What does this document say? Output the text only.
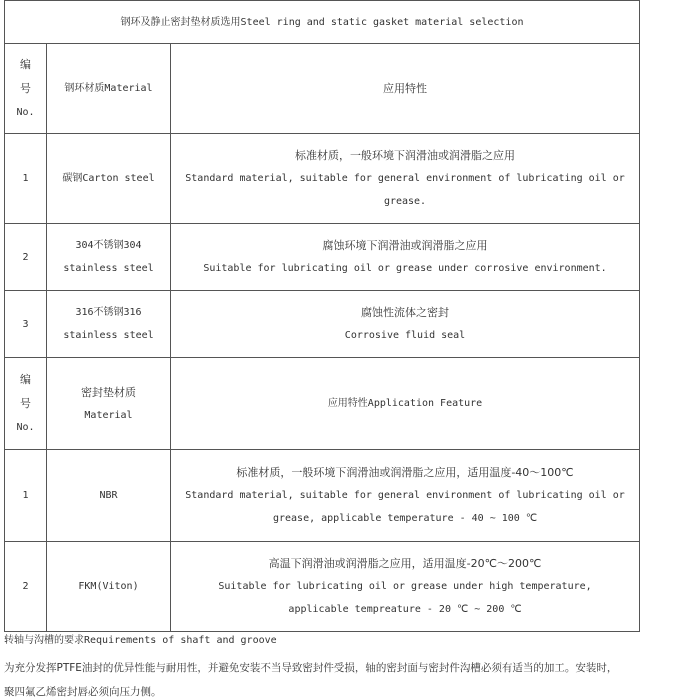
钢环及静止密封垫材质选用Steel ring and static gasket material selection		

编
号
No.	钢环材质Material	应用特性

1	碳钢Carton steel	标准材质，一般环境下润滑油或润滑脂之应用
Standard material, suitable for general environment of lubricating oil or
grease.

2	304不锈钢304
stainless steel	腐蚀环境下润滑油或润滑脂之应用
Suitable for lubricating oil or grease under corrosive environment.

3	316不锈钢316
stainless steel	腐蚀性流体之密封
Corrosive fluid seal

编
号
No.	密封垫材质
Material	应用特性Application Feature

1	NBR	标准材质，一般环境下润滑油或润滑脂之应用，适用温度-40～100℃
Standard material, suitable for general environment of lubricating oil or
grease, applicable temperature - 40 ~ 100 ℃

2	FKM(Viton)	高温下润滑油或润滑脂之应用，适用温度-20℃～200℃
Suitable for lubricating oil or grease under high temperature,
applicable tempreature - 20 ℃ ~ 200 ℃
转轴与沟槽的要求Requirements of shaft and groove
为充分发挥PTFE油封的优异性能与耐用性，并避免安装不当导致密封件受损，轴的密封面与密封件沟槽必须有适当的加工。安装时，
聚四氟乙烯密封唇必须向压力侧。
